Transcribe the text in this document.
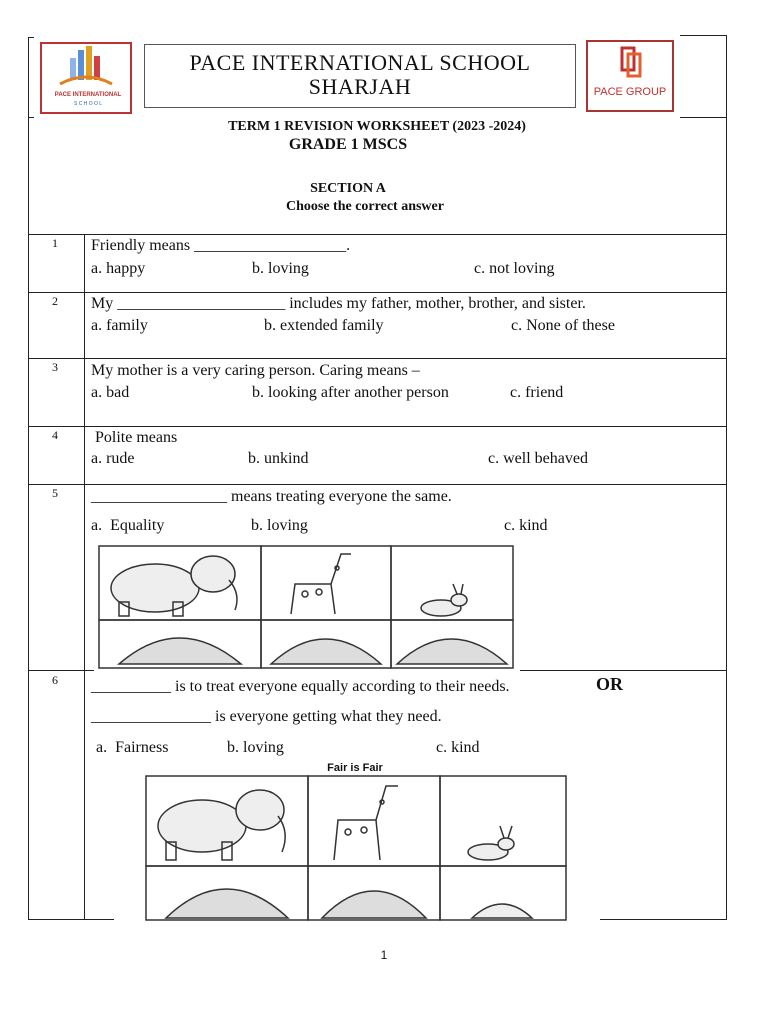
PACE INTERNATIONAL
S C H O O L
PACE INTERNATIONAL SCHOOL
SHARJAH	PACE GROUP
TERM 1 REVISION WORKSHEET (2023 -2024)
GRADE 1 MSCS
SECTION A
Choose the correct answer
1 Friendly means ___________________.
a. happy	b. loving	c. not loving
2 My _____________________ includes my father, mother, brother, and sister.
a. family	b. extended family	c. None of these
3 My mother is a very caring person. Caring means –
a. bad	b. looking after another person	c. friend
4 Polite means
a. rude	b. unkind	c. well behaved
5 _________________ means treating everyone the same.
a.  Equality	b. loving	c. kind
6 __________ is to treat everyone equally according to their needs.	OR
_______________ is everyone getting what they need.
a.  Fairness	b. loving	c. kind
Fair is Fair
1
